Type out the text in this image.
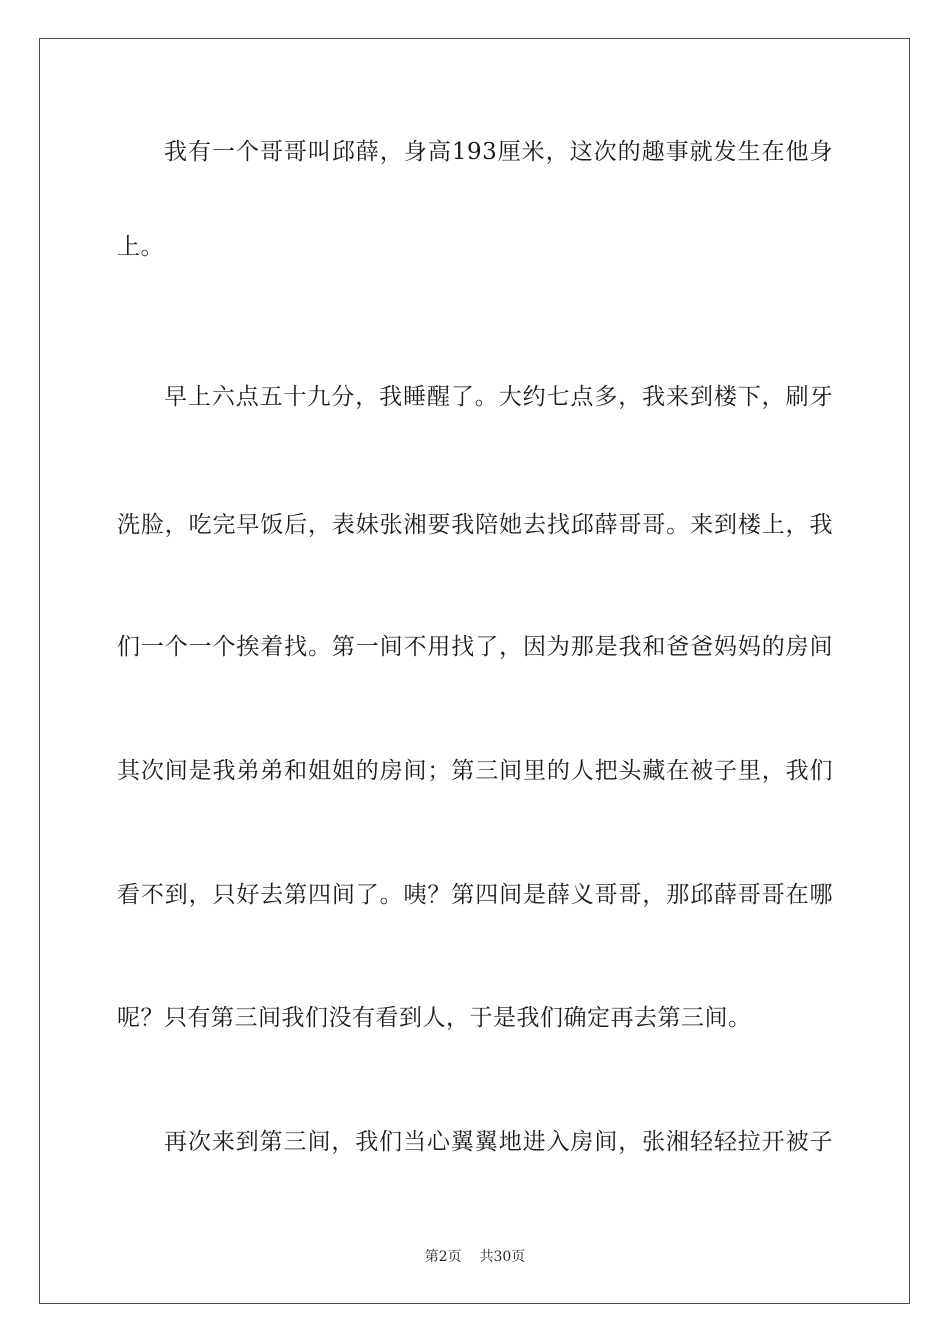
我有一个哥哥叫邱薛，身高193厘米，这次的趣事就发生在他身
上。
早上六点五十九分，我睡醒了。大约七点多，我来到楼下，刷牙
洗脸，吃完早饭后，表妹张湘要我陪她去找邱薛哥哥。来到楼上，我
们一个一个挨着找。第一间不用找了，因为那是我和爸爸妈妈的房间
其次间是我弟弟和姐姐的房间；第三间里的人把头藏在被子里，我们
看不到，只好去第四间了。咦？第四间是薛义哥哥，那邱薛哥哥在哪
呢？只有第三间我们没有看到人，于是我们确定再去第三间。
再次来到第三间，我们当心翼翼地进入房间，张湘轻轻拉开被子
第2页 共30页
